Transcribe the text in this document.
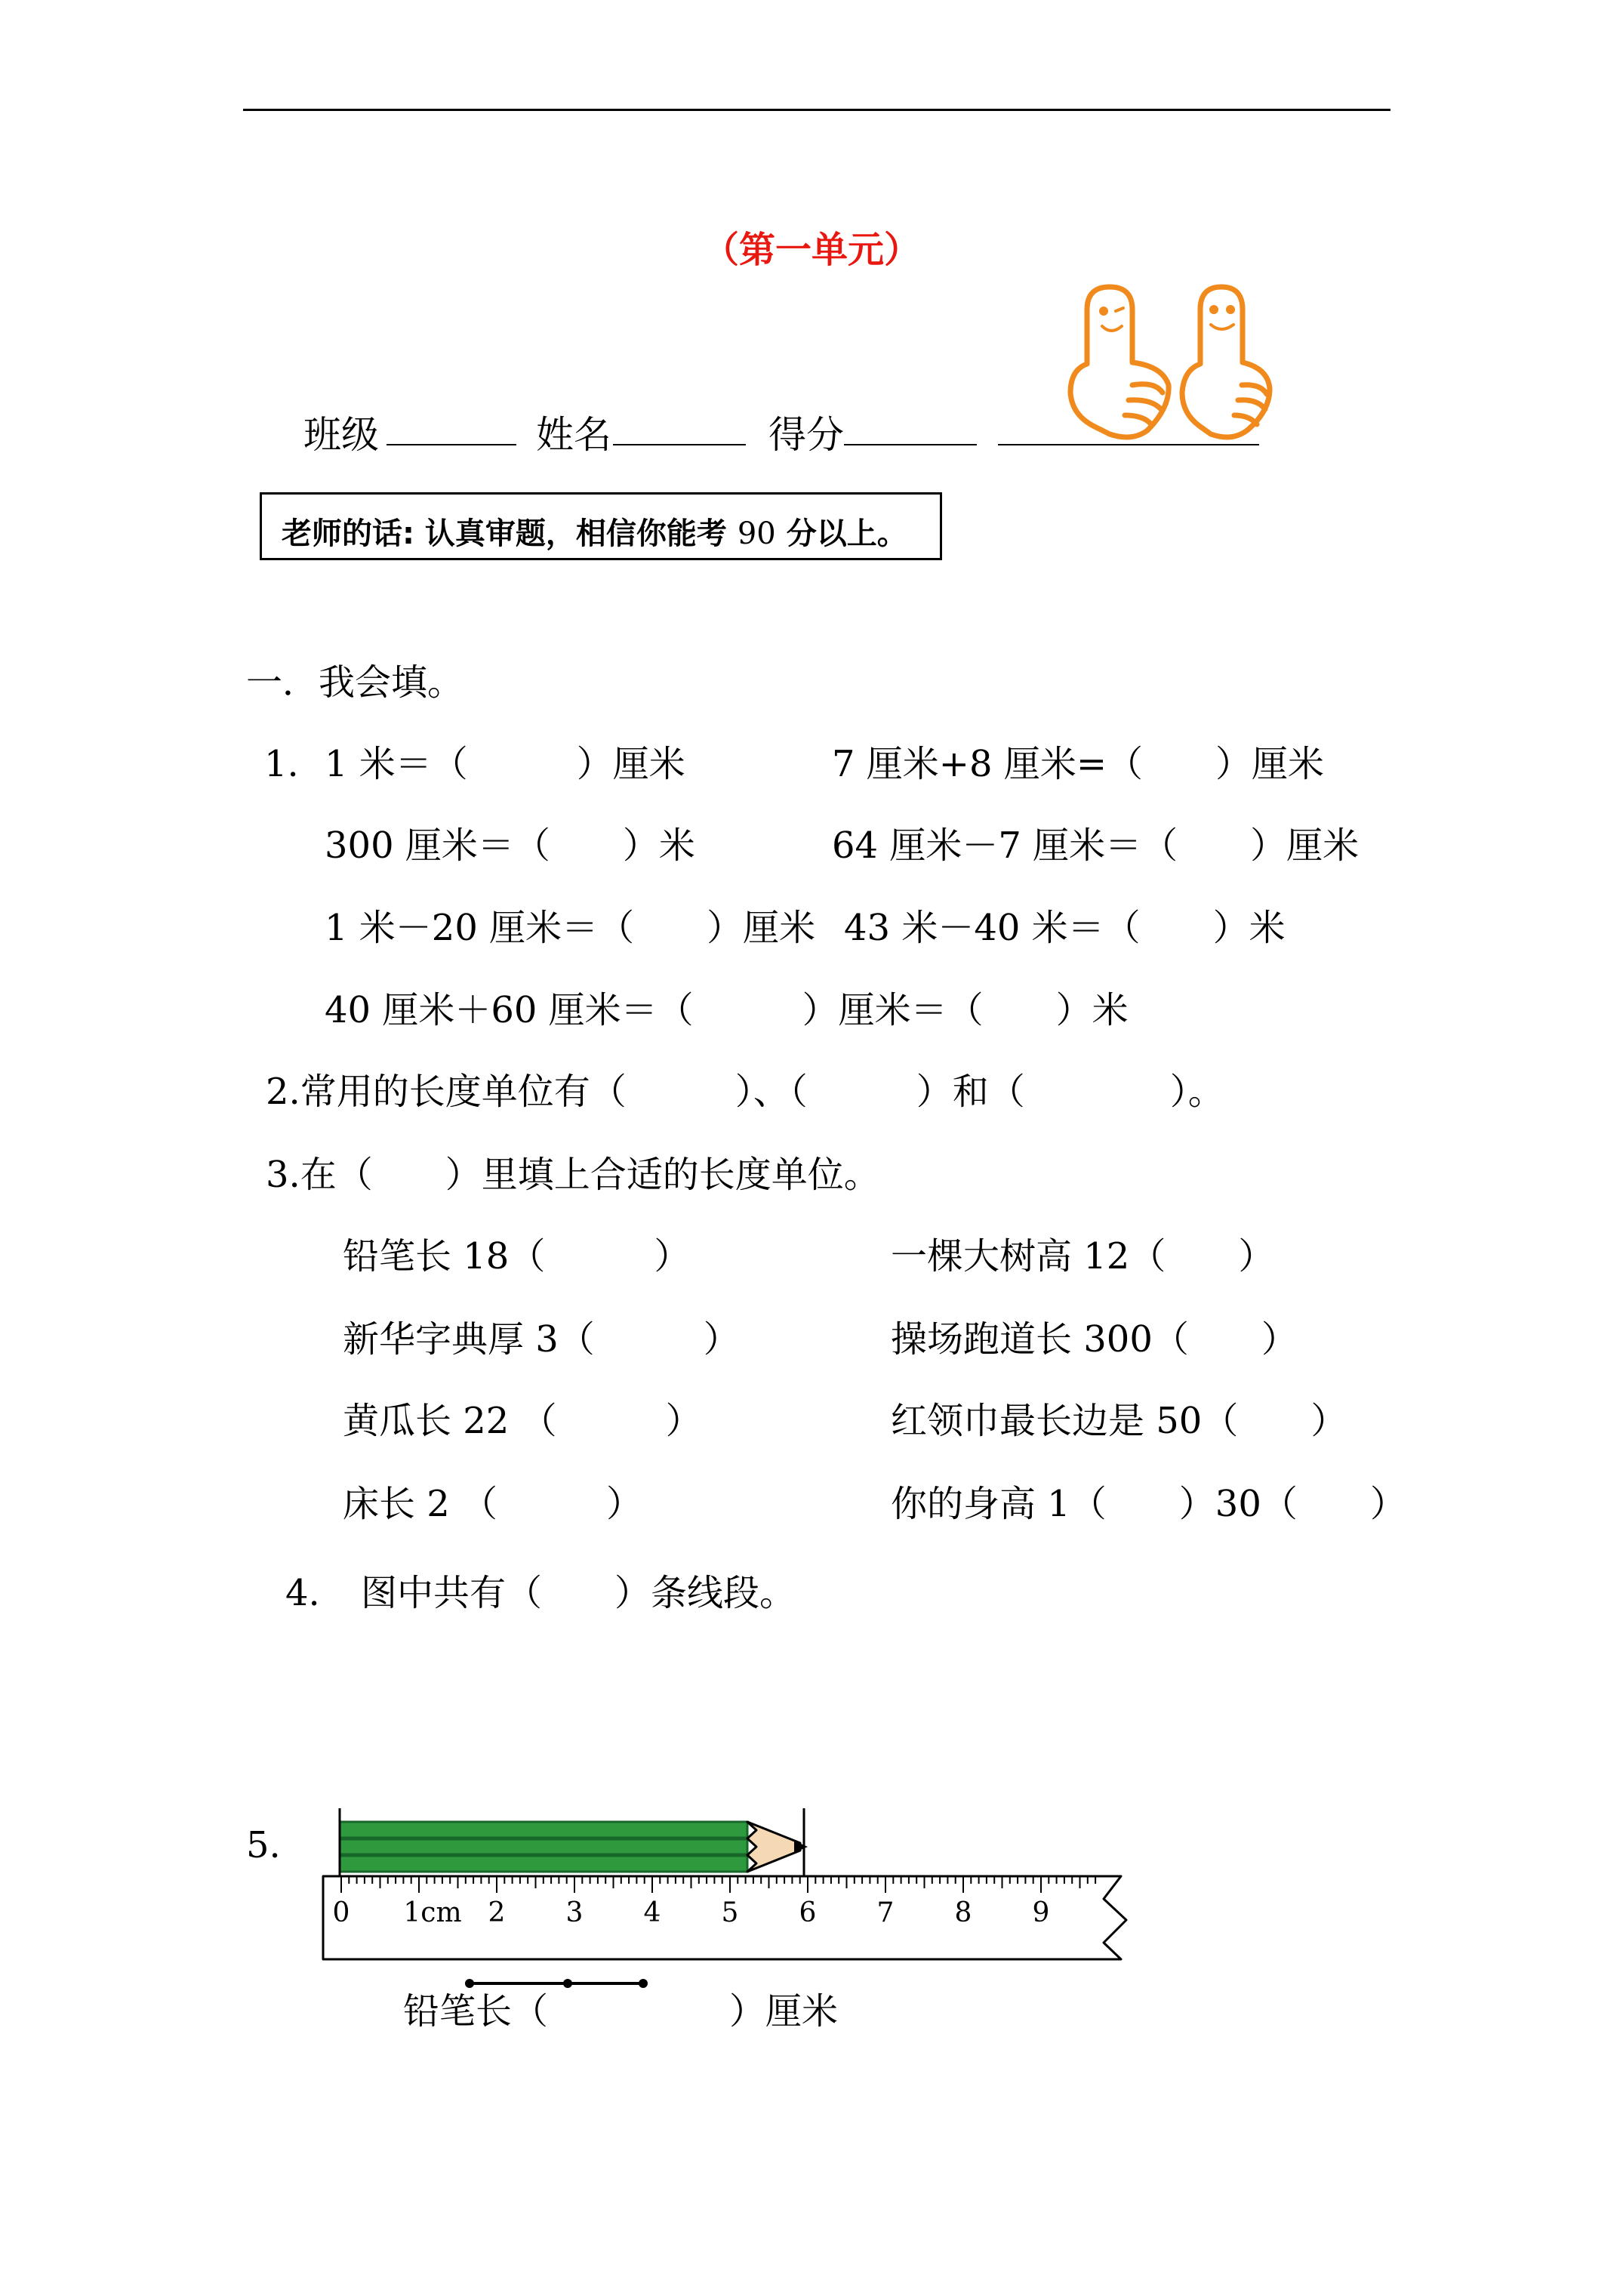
（第一单元）
班级	姓名	得分
老师的话: 认真审题，相信你能考 90 分以上。
一．我会填。
1. 1 米＝（　　　）厘米	7 厘米+8 厘米=（　　）厘米
300 厘米＝（　　）米	64 厘米－7 厘米＝（　　）厘米
1 米－20 厘米＝（　　）厘米 43 米－40 米＝（　　）米
40 厘米＋60 厘米＝（　　　）厘米＝（　　）米
2.常用的长度单位有（　　　）、（　　　）和（　　　　）。
3.在（　　）里填上合适的长度单位。
铅笔长 18（　　　）	一棵大树高 12（　　）
新华字典厚 3（　　　）	操场跑道长 300（　　）
黄瓜长 22 （　　　）	红领巾最长边是 50（　　）
床长 2 （　　　）	你的身高 1（　　）30（　　）
4. 图中共有（　　）条线段。
5.
0 1cm 2 3 4 5 6 7 8 9
铅笔长（　　　　　）厘米
